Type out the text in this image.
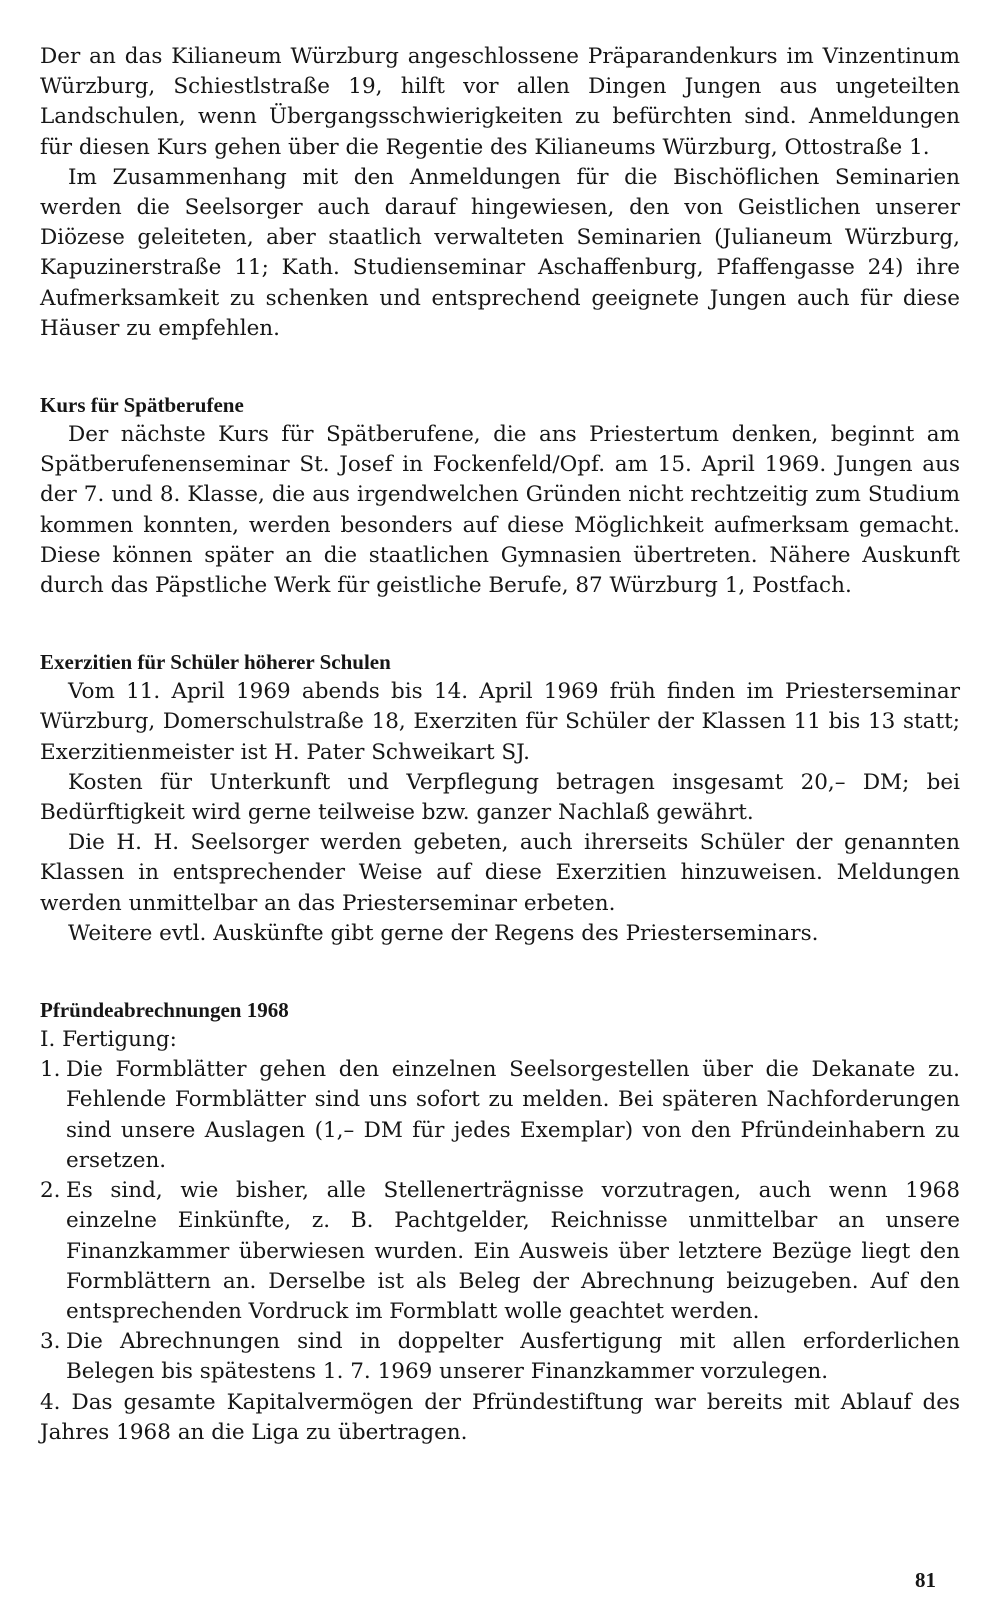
Der an das Kilianeum Würzburg angeschlossene Präparandenkurs im Vinzentinum Würzburg, Schiestlstraße 19, hilft vor allen Dingen Jungen aus ungeteilten Landschulen, wenn Übergangsschwierigkeiten zu befürchten sind. Anmeldungen für diesen Kurs gehen über die Regentie des Kilianeums Würzburg, Ottostraße 1.

Im Zusammenhang mit den Anmeldungen für die Bischöflichen Seminarien werden die Seelsorger auch darauf hingewiesen, den von Geistlichen unserer Diözese geleiteten, aber staatlich verwalteten Seminarien (Julianeum Würzburg, Kapuzinerstraße 11; Kath. Studienseminar Aschaffenburg, Pfaffengasse 24) ihre Aufmerksamkeit zu schenken und entsprechend geeignete Jungen auch für diese Häuser zu empfehlen.

Kurs für Spätberufene

Der nächste Kurs für Spätberufene, die ans Priestertum denken, beginnt am Spätberufenenseminar St. Josef in Fockenfeld/Opf. am 15. April 1969. Jungen aus der 7. und 8. Klasse, die aus irgendwelchen Gründen nicht rechtzeitig zum Studium kommen konnten, werden besonders auf diese Möglichkeit aufmerksam gemacht. Diese können später an die staatlichen Gymnasien übertreten. Nähere Auskunft durch das Päpstliche Werk für geistliche Berufe, 87 Würzburg 1, Postfach.

Exerzitien für Schüler höherer Schulen

Vom 11. April 1969 abends bis 14. April 1969 früh finden im Priesterseminar Würzburg, Domerschulstraße 18, Exerziten für Schüler der Klassen 11 bis 13 statt; Exerzitienmeister ist H. Pater Schweikart SJ.

Kosten für Unterkunft und Verpflegung betragen insgesamt 20,– DM; bei Bedürftigkeit wird gerne teilweise bzw. ganzer Nachlaß gewährt.

Die H. H. Seelsorger werden gebeten, auch ihrerseits Schüler der genannten Klassen in entsprechender Weise auf diese Exerzitien hinzuweisen. Meldungen werden unmittelbar an das Priesterseminar erbeten.

Weitere evtl. Auskünfte gibt gerne der Regens des Priesterseminars.

Pfründeabrechnungen 1968

I. Fertigung:

1. Die Formblätter gehen den einzelnen Seelsorgestellen über die Dekanate zu. Fehlende Formblätter sind uns sofort zu melden. Bei späteren Nachforderungen sind unsere Auslagen (1,– DM für jedes Exemplar) von den Pfründeinhabern zu ersetzen.

2. Es sind, wie bisher, alle Stellenerträgnisse vorzutragen, auch wenn 1968 einzelne Einkünfte, z. B. Pachtgelder, Reichnisse unmittelbar an unsere Finanzkammer überwiesen wurden. Ein Ausweis über letztere Bezüge liegt den Formblättern an. Derselbe ist als Beleg der Abrechnung beizugeben. Auf den entsprechenden Vordruck im Formblatt wolle geachtet werden.

3. Die Abrechnungen sind in doppelter Ausfertigung mit allen erforderlichen Belegen bis spätestens 1. 7. 1969 unserer Finanzkammer vorzulegen.

4. Das gesamte Kapitalvermögen der Pfründestiftung war bereits mit Ablauf des Jahres 1968 an die Liga zu übertragen.

81
